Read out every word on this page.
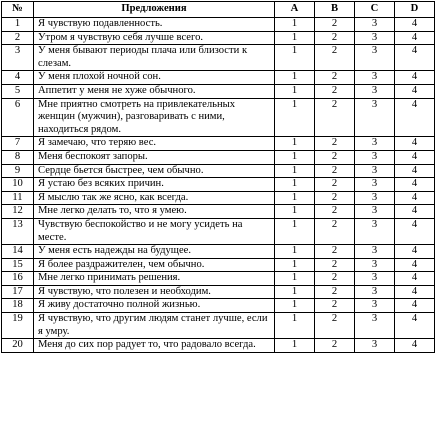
№	Предложения	A	B	C	D
1	Я чувствую подавленность.	1	2	3	4
2	Утром я чувствую себя лучше всего.	1	2	3	4
3	У меня бывают периоды плача или близости к слезам.	1	2	3	4
4	У меня плохой ночной сон.	1	2	3	4
5	Аппетит у меня не хуже обычного.	1	2	3	4
6	Мне приятно смотреть на привлекательных женщин (мужчин), разговаривать с ними, находиться рядом.	1	2	3	4
7	Я замечаю, что теряю вес.	1	2	3	4
8	Меня беспокоят запоры.	1	2	3	4
9	Сердце бьется быстрее, чем обычно.	1	2	3	4
10	Я устаю без всяких причин.	1	2	3	4
11	Я мыслю так же ясно, как всегда.	1	2	3	4
12	Мне легко делать то, что я умею.	1	2	3	4
13	Чувствую беспокойство и не могу усидеть на месте.	1	2	3	4
14	У меня есть надежды на будущее.	1	2	3	4
15	Я более раздражителен, чем обычно.	1	2	3	4
16	Мне легко принимать решения.	1	2	3	4
17	Я чувствую, что полезен и необходим.	1	2	3	4
18	Я живу достаточно полной жизнью.	1	2	3	4
19	Я чувствую, что другим людям станет лучше, если я умру.	1	2	3	4
20	Меня до сих пор радует то, что радовало всегда.	1	2	3	4
